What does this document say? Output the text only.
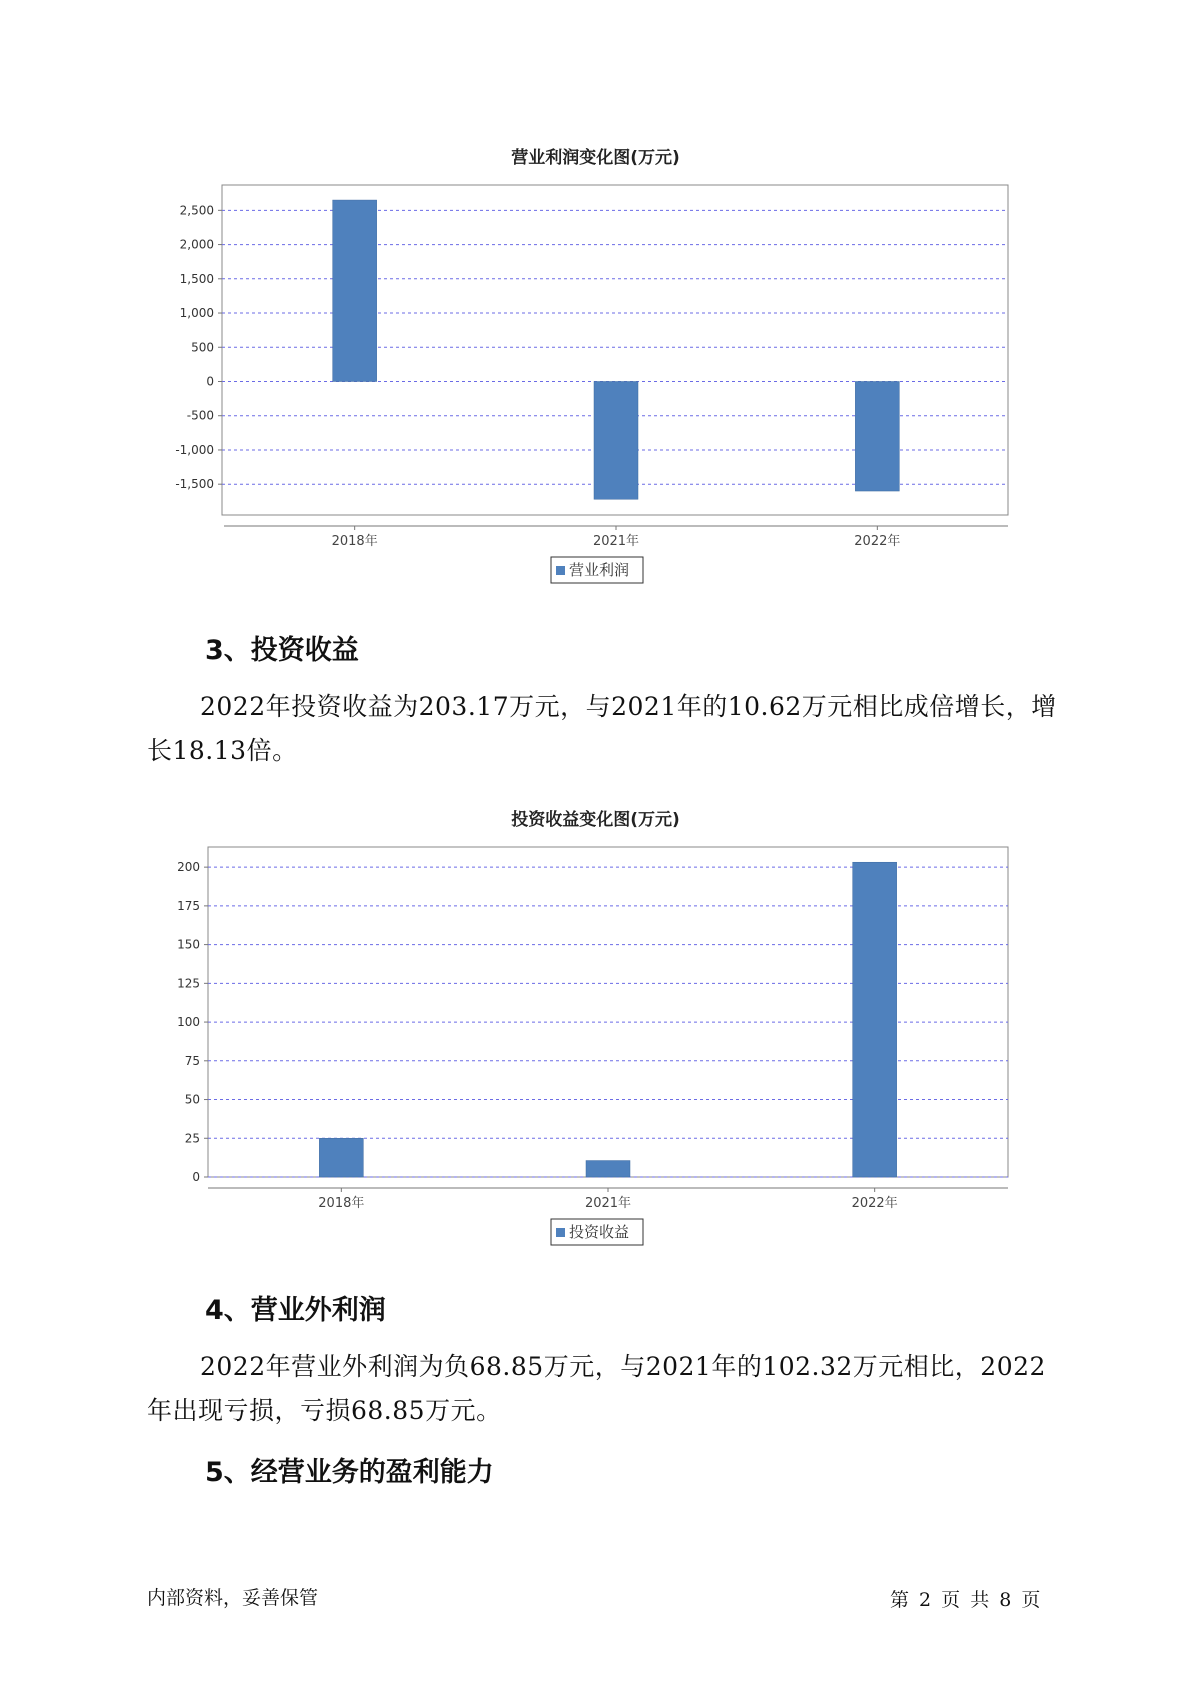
营业利润变化图(万元)
-1,500
-1,000
-500
0
500
1,000
1,500
2,000
2,500
2018年	2021年	2022年
营业利润
3、投资收益

2022年投资收益为203.17万元，与2021年的10.62万元相比成倍增长，增长18.13倍。

投资收益变化图(万元)
0
25
50
75
100
125
150
175
200
2018年	2021年	2022年
投资收益
4、营业外利润

2022年营业外利润为负68.85万元，与2021年的102.32万元相比，2022年出现亏损，亏损68.85万元。

5、经营业务的盈利能力
内部资料，妥善保管	第 2 页 共 8 页
